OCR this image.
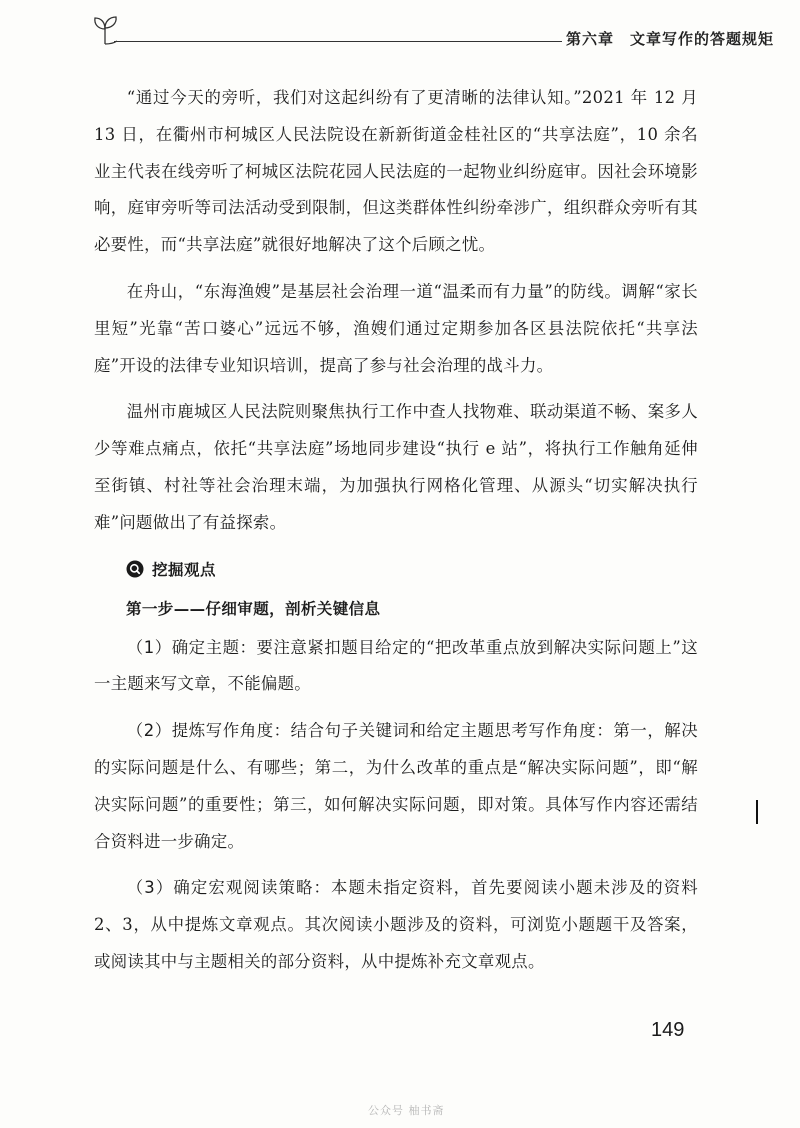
第六章 文章写作的答题规矩

“通过今天的旁听，我们对这起纠纷有了更清晰的法律认知。”2021 年 12 月 13 日，在衢州市柯城区人民法院设在新新街道金桂社区的“共享法庭”，10 余名业主代表在线旁听了柯城区法院花园人民法庭的一起物业纠纷庭审。因社会环境影响，庭审旁听等司法活动受到限制，但这类群体性纠纷牵涉广，组织群众旁听有其必要性，而“共享法庭”就很好地解决了这个后顾之忧。

在舟山，“东海渔嫂”是基层社会治理一道“温柔而有力量”的防线。调解“家长里短”光靠“苦口婆心”远远不够，渔嫂们通过定期参加各区县法院依托“共享法庭”开设的法律专业知识培训，提高了参与社会治理的战斗力。

温州市鹿城区人民法院则聚焦执行工作中查人找物难、联动渠道不畅、案多人少等难点痛点，依托“共享法庭”场地同步建设“执行 e 站”，将执行工作触角延伸至街镇、村社等社会治理末端，为加强执行网格化管理、从源头“切实解决执行难”问题做出了有益探索。

挖掘观点
第一步——仔细审题，剖析关键信息

（1）确定主题：要注意紧扣题目给定的“把改革重点放到解决实际问题上”这一主题来写文章，不能偏题。

（2）提炼写作角度：结合句子关键词和给定主题思考写作角度：第一，解决的实际问题是什么、有哪些；第二，为什么改革的重点是“解决实际问题”，即“解决实际问题”的重要性；第三，如何解决实际问题，即对策。具体写作内容还需结合资料进一步确定。

（3）确定宏观阅读策略：本题未指定资料，首先要阅读小题未涉及的资料 2、3，从中提炼文章观点。其次阅读小题涉及的资料，可浏览小题题干及答案，或阅读其中与主题相关的部分资料，从中提炼补充文章观点。

149
公众号 柚书斋
